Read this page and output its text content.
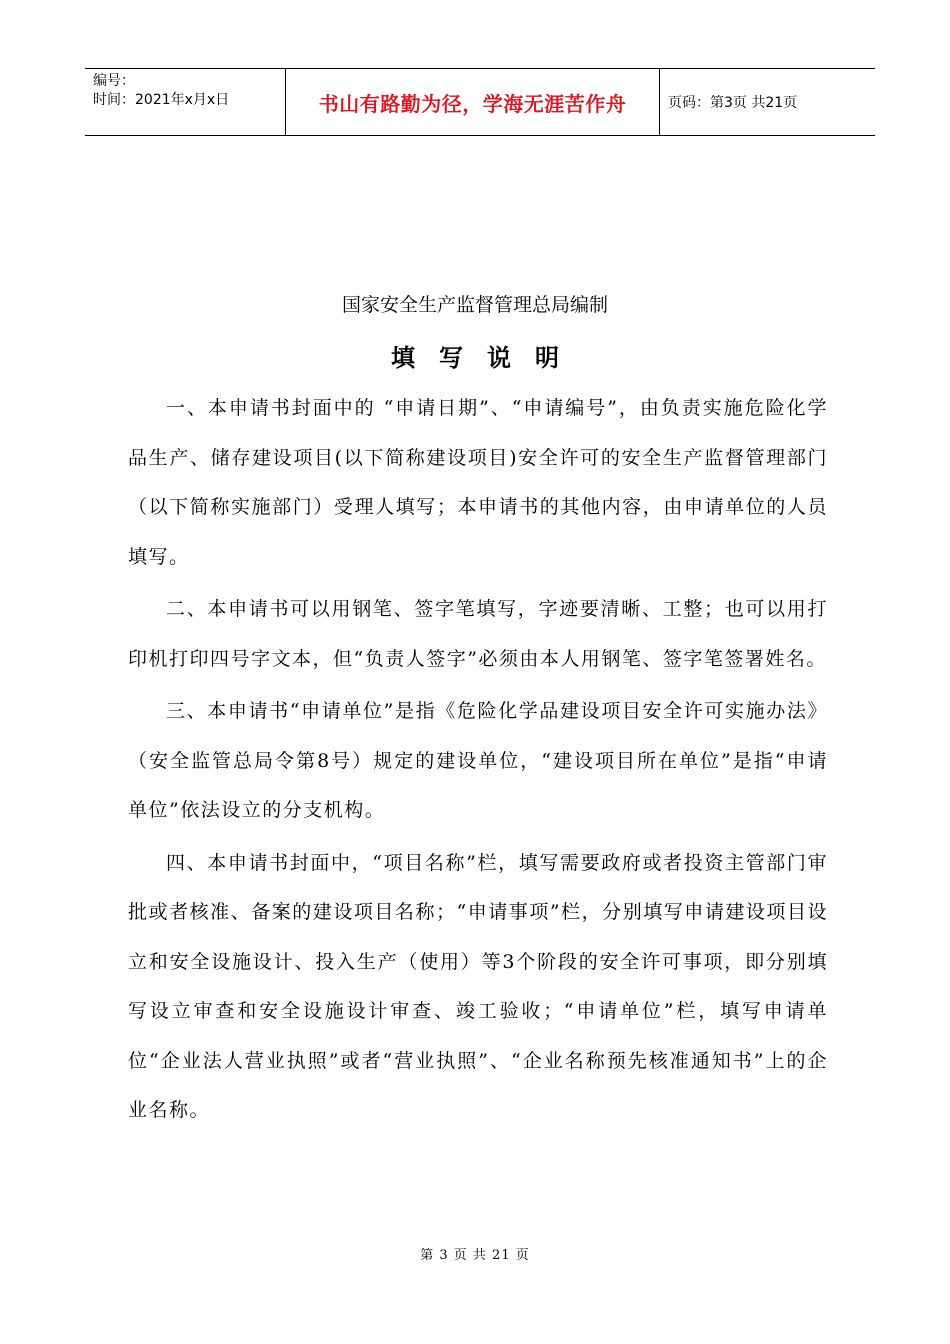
编号：
时间：2021年x月x日	书山有路勤为径，学海无涯苦作舟	页码：第3页 共21页
国家安全生产监督管理总局编制
填写说明

一、本申请书封面中的 “申请日期”、“申请编号”，由负责实施危险化学品生产、储存建设项目(以下简称建设项目)安全许可的安全生产监督管理部门（以下简称实施部门）受理人填写；本申请书的其他内容，由申请单位的人员填写。

二、本申请书可以用钢笔、签字笔填写，字迹要清晰、工整；也可以用打印机打印四号字文本，但“负责人签字”必须由本人用钢笔、签字笔签署姓名。

三、本申请书“申请单位”是指《危险化学品建设项目安全许可实施办法》（安全监管总局令第8号）规定的建设单位，“建设项目所在单位”是指“申请单位”依法设立的分支机构。

四、本申请书封面中，“项目名称”栏，填写需要政府或者投资主管部门审批或者核准、备案的建设项目名称；“申请事项”栏，分别填写申请建设项目设立和安全设施设计、投入生产（使用）等3个阶段的安全许可事项，即分别填写设立审查和安全设施设计审查、竣工验收；“申请单位”栏，填写申请单位“企业法人营业执照”或者“营业执照”、“企业名称预先核准通知书”上的企业名称。

第 3 页 共 21 页
